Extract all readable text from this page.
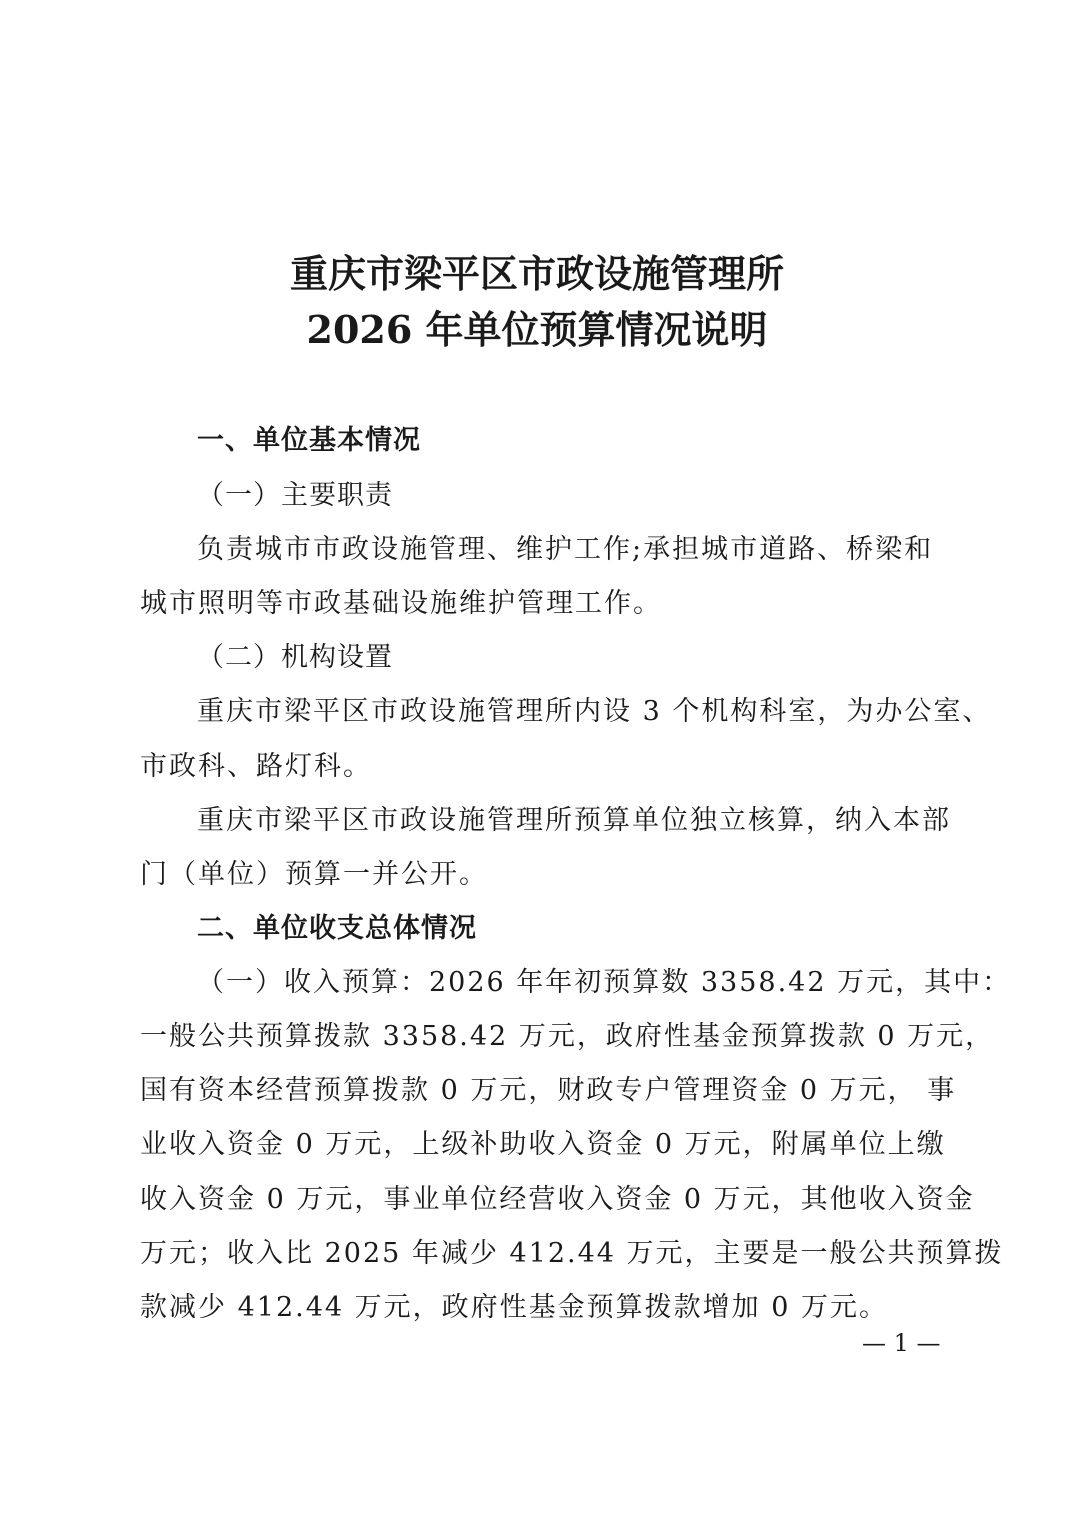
重庆市梁平区市政设施管理所
2026 年单位预算情况说明
一、单位基本情况
（一）主要职责
负责城市市政设施管理、维护工作;承担城市道路、桥梁和
城市照明等市政基础设施维护管理工作。
（二）机构设置
重庆市梁平区市政设施管理所内设 3 个机构科室，为办公室、
市政科、路灯科。
重庆市梁平区市政设施管理所预算单位独立核算，纳入本部
门（单位）预算一并公开。
二、单位收支总体情况
（一）收入预算：2026 年年初预算数 3358.42 万元，其中：
一般公共预算拨款 3358.42 万元，政府性基金预算拨款 0 万元，
国有资本经营预算拨款 0 万元，财政专户管理资金 0 万元， 事
业收入资金 0 万元，上级补助收入资金 0 万元，附属单位上缴
收入资金 0 万元，事业单位经营收入资金 0 万元，其他收入资金
万元；收入比 2025 年减少 412.44 万元，主要是一般公共预算拨
款减少 412.44 万元，政府性基金预算拨款增加 0 万元。
— 1 —
